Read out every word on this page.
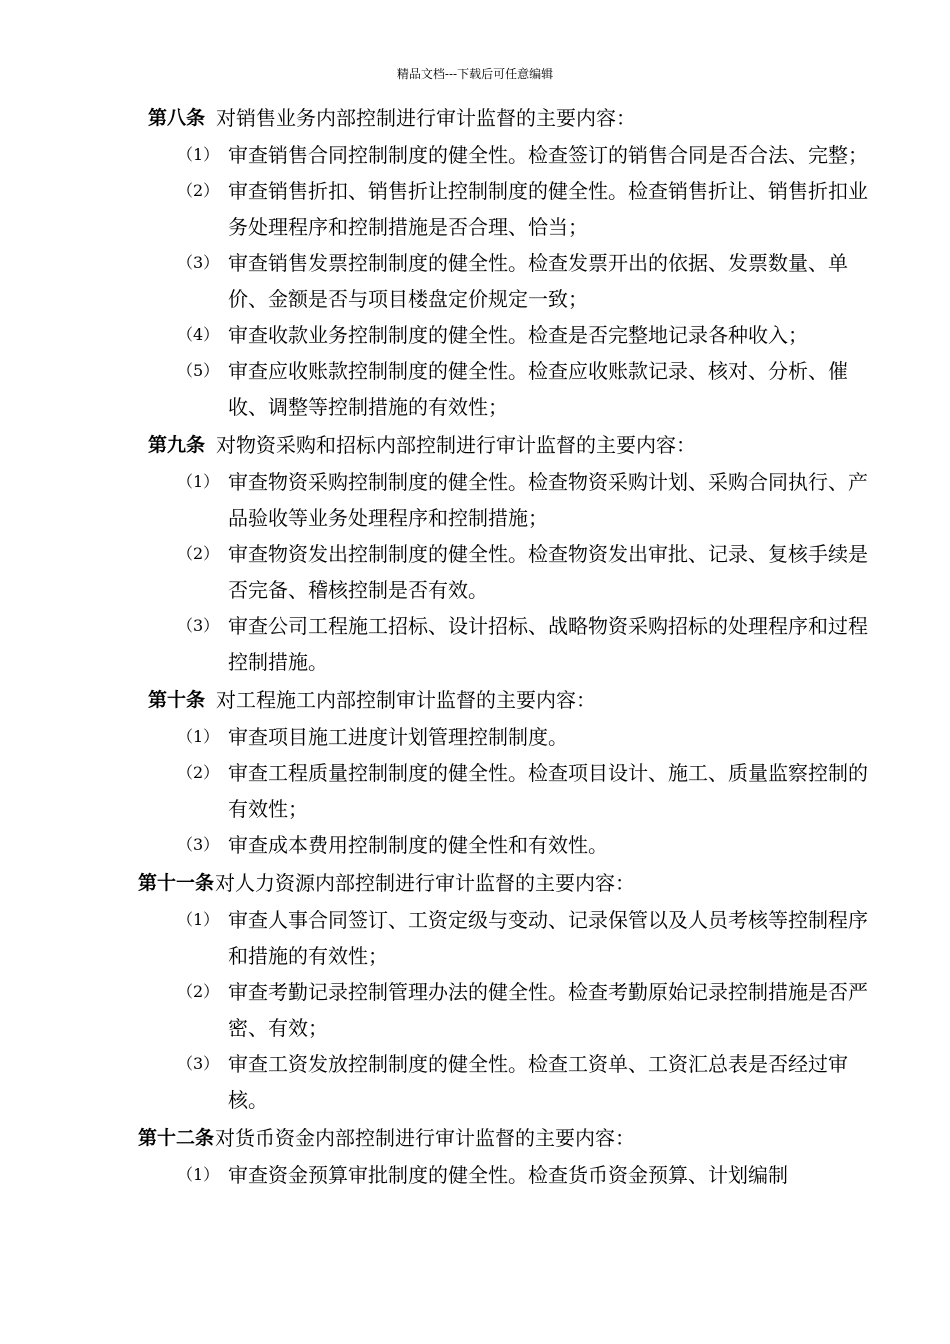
精品文档---下载后可任意编辑
第八条 对销售业务内部控制进行审计监督的主要内容：
（1） 审查销售合同控制制度的健全性。检查签订的销售合同是否合法、完整；
（2） 审查销售折扣、销售折让控制制度的健全性。检查销售折让、销售折扣业务处理程序和控制措施是否合理、恰当；
（3） 审查销售发票控制制度的健全性。检查发票开出的依据、发票数量、单价、金额是否与项目楼盘定价规定一致；
（4） 审查收款业务控制制度的健全性。检查是否完整地记录各种收入；
（5） 审查应收账款控制制度的健全性。检查应收账款记录、核对、分析、催收、调整等控制措施的有效性；
第九条 对物资采购和招标内部控制进行审计监督的主要内容：
（1） 审查物资采购控制制度的健全性。检查物资采购计划、采购合同执行、产品验收等业务处理程序和控制措施；
（2） 审查物资发出控制制度的健全性。检查物资发出审批、记录、复核手续是否完备、稽核控制是否有效。
（3） 审查公司工程施工招标、设计招标、战略物资采购招标的处理程序和过程控制措施。
第十条 对工程施工内部控制审计监督的主要内容：
（1） 审查项目施工进度计划管理控制制度。
（2） 审查工程质量控制制度的健全性。检查项目设计、施工、质量监察控制的有效性；
（3） 审查成本费用控制制度的健全性和有效性。
第十一条 对人力资源内部控制进行审计监督的主要内容：
（1） 审查人事合同签订、工资定级与变动、记录保管以及人员考核等控制程序和措施的有效性；
（2） 审查考勤记录控制管理办法的健全性。检查考勤原始记录控制措施是否严密、有效；
（3） 审查工资发放控制制度的健全性。检查工资单、工资汇总表是否经过审核。
第十二条 对货币资金内部控制进行审计监督的主要内容：
（1） 审查资金预算审批制度的健全性。检查货币资金预算、计划编制
